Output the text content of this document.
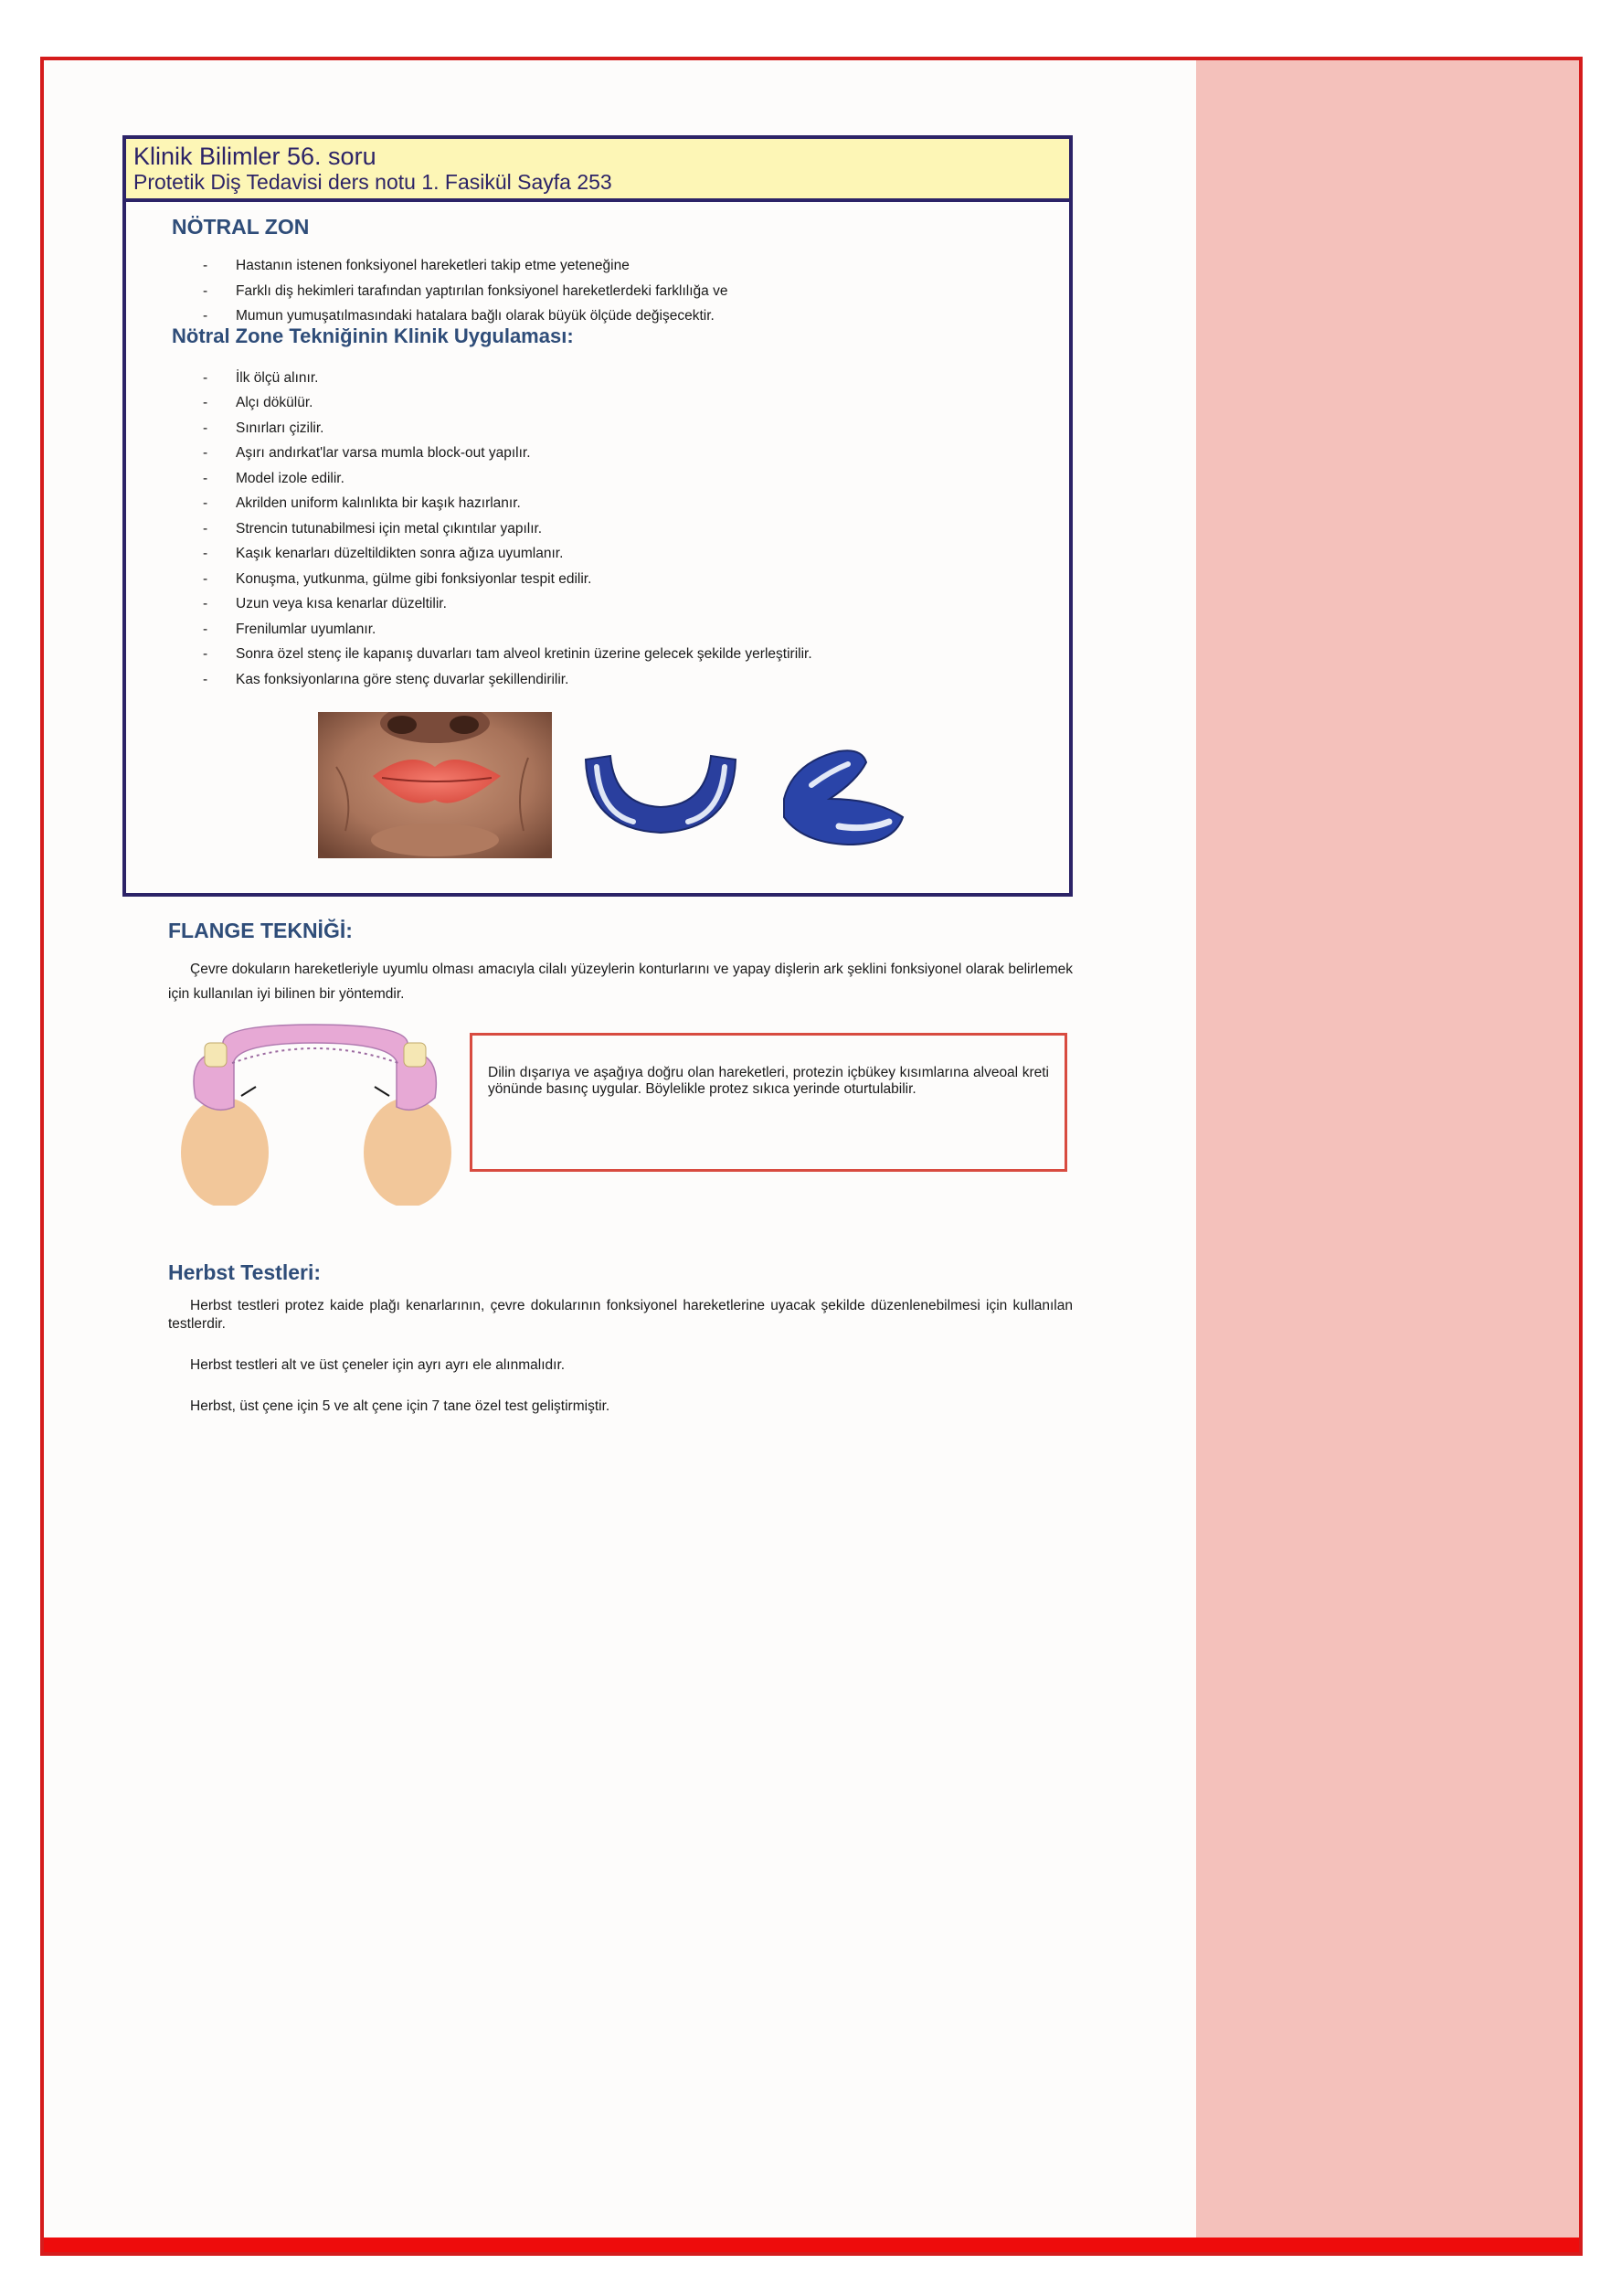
Klinik Bilimler 56. soru
Protetik Diş Tedavisi ders notu 1. Fasikül Sayfa 253
NÖTRAL ZON
- Hastanın istenen fonksiyonel hareketleri takip etme yeteneğine
- Farklı diş hekimleri tarafından yaptırılan fonksiyonel hareketlerdeki farklılığa ve
- Mumun yumuşatılmasındaki hatalara bağlı olarak büyük ölçüde değişecektir.
Nötral Zone Tekniğinin Klinik Uygulaması:
- İlk ölçü alınır.
- Alçı dökülür.
- Sınırları çizilir.
- Aşırı andırkat'lar varsa mumla block-out yapılır.
- Model izole edilir.
- Akrilden uniform kalınlıkta bir kaşık hazırlanır.
- Strencin tutunabilmesi için metal çıkıntılar yapılır.
- Kaşık kenarları düzeltildikten sonra ağıza uyumlanır.
- Konuşma, yutkunma, gülme gibi fonksiyonlar tespit edilir.
- Uzun veya kısa kenarlar düzeltilir.
- Frenilumlar uyumlanır.
- Sonra özel stenç ile kapanış duvarları tam alveol kretinin üzerine gelecek şekilde yerleştirilir.
- Kas fonksiyonlarına göre stenç duvarlar şekillendirilir.
FLANGE TEKNİĞİ:

Çevre dokuların hareketleriyle uyumlu olması amacıyla cilalı yüzeylerin konturlarını ve yapay dişlerin ark şeklini fonksiyonel olarak belirlemek için kullanılan iyi bilinen bir yöntemdir.

Dilin dışarıya ve aşağıya doğru olan hareketleri, protezin içbükey kısımlarına alveoal kreti yönünde basınç uygular. Böylelikle protez sıkıca yerinde oturtulabilir.

Herbst Testleri:

Herbst testleri protez kaide plağı kenarlarının, çevre dokularının fonksiyonel hareketlerine uyacak şekilde düzenlenebilmesi için kullanılan testlerdir.

Herbst testleri alt ve üst çeneler için ayrı ayrı ele alınmalıdır.

Herbst, üst çene için 5 ve alt çene için 7 tane özel test geliştirmiştir.
